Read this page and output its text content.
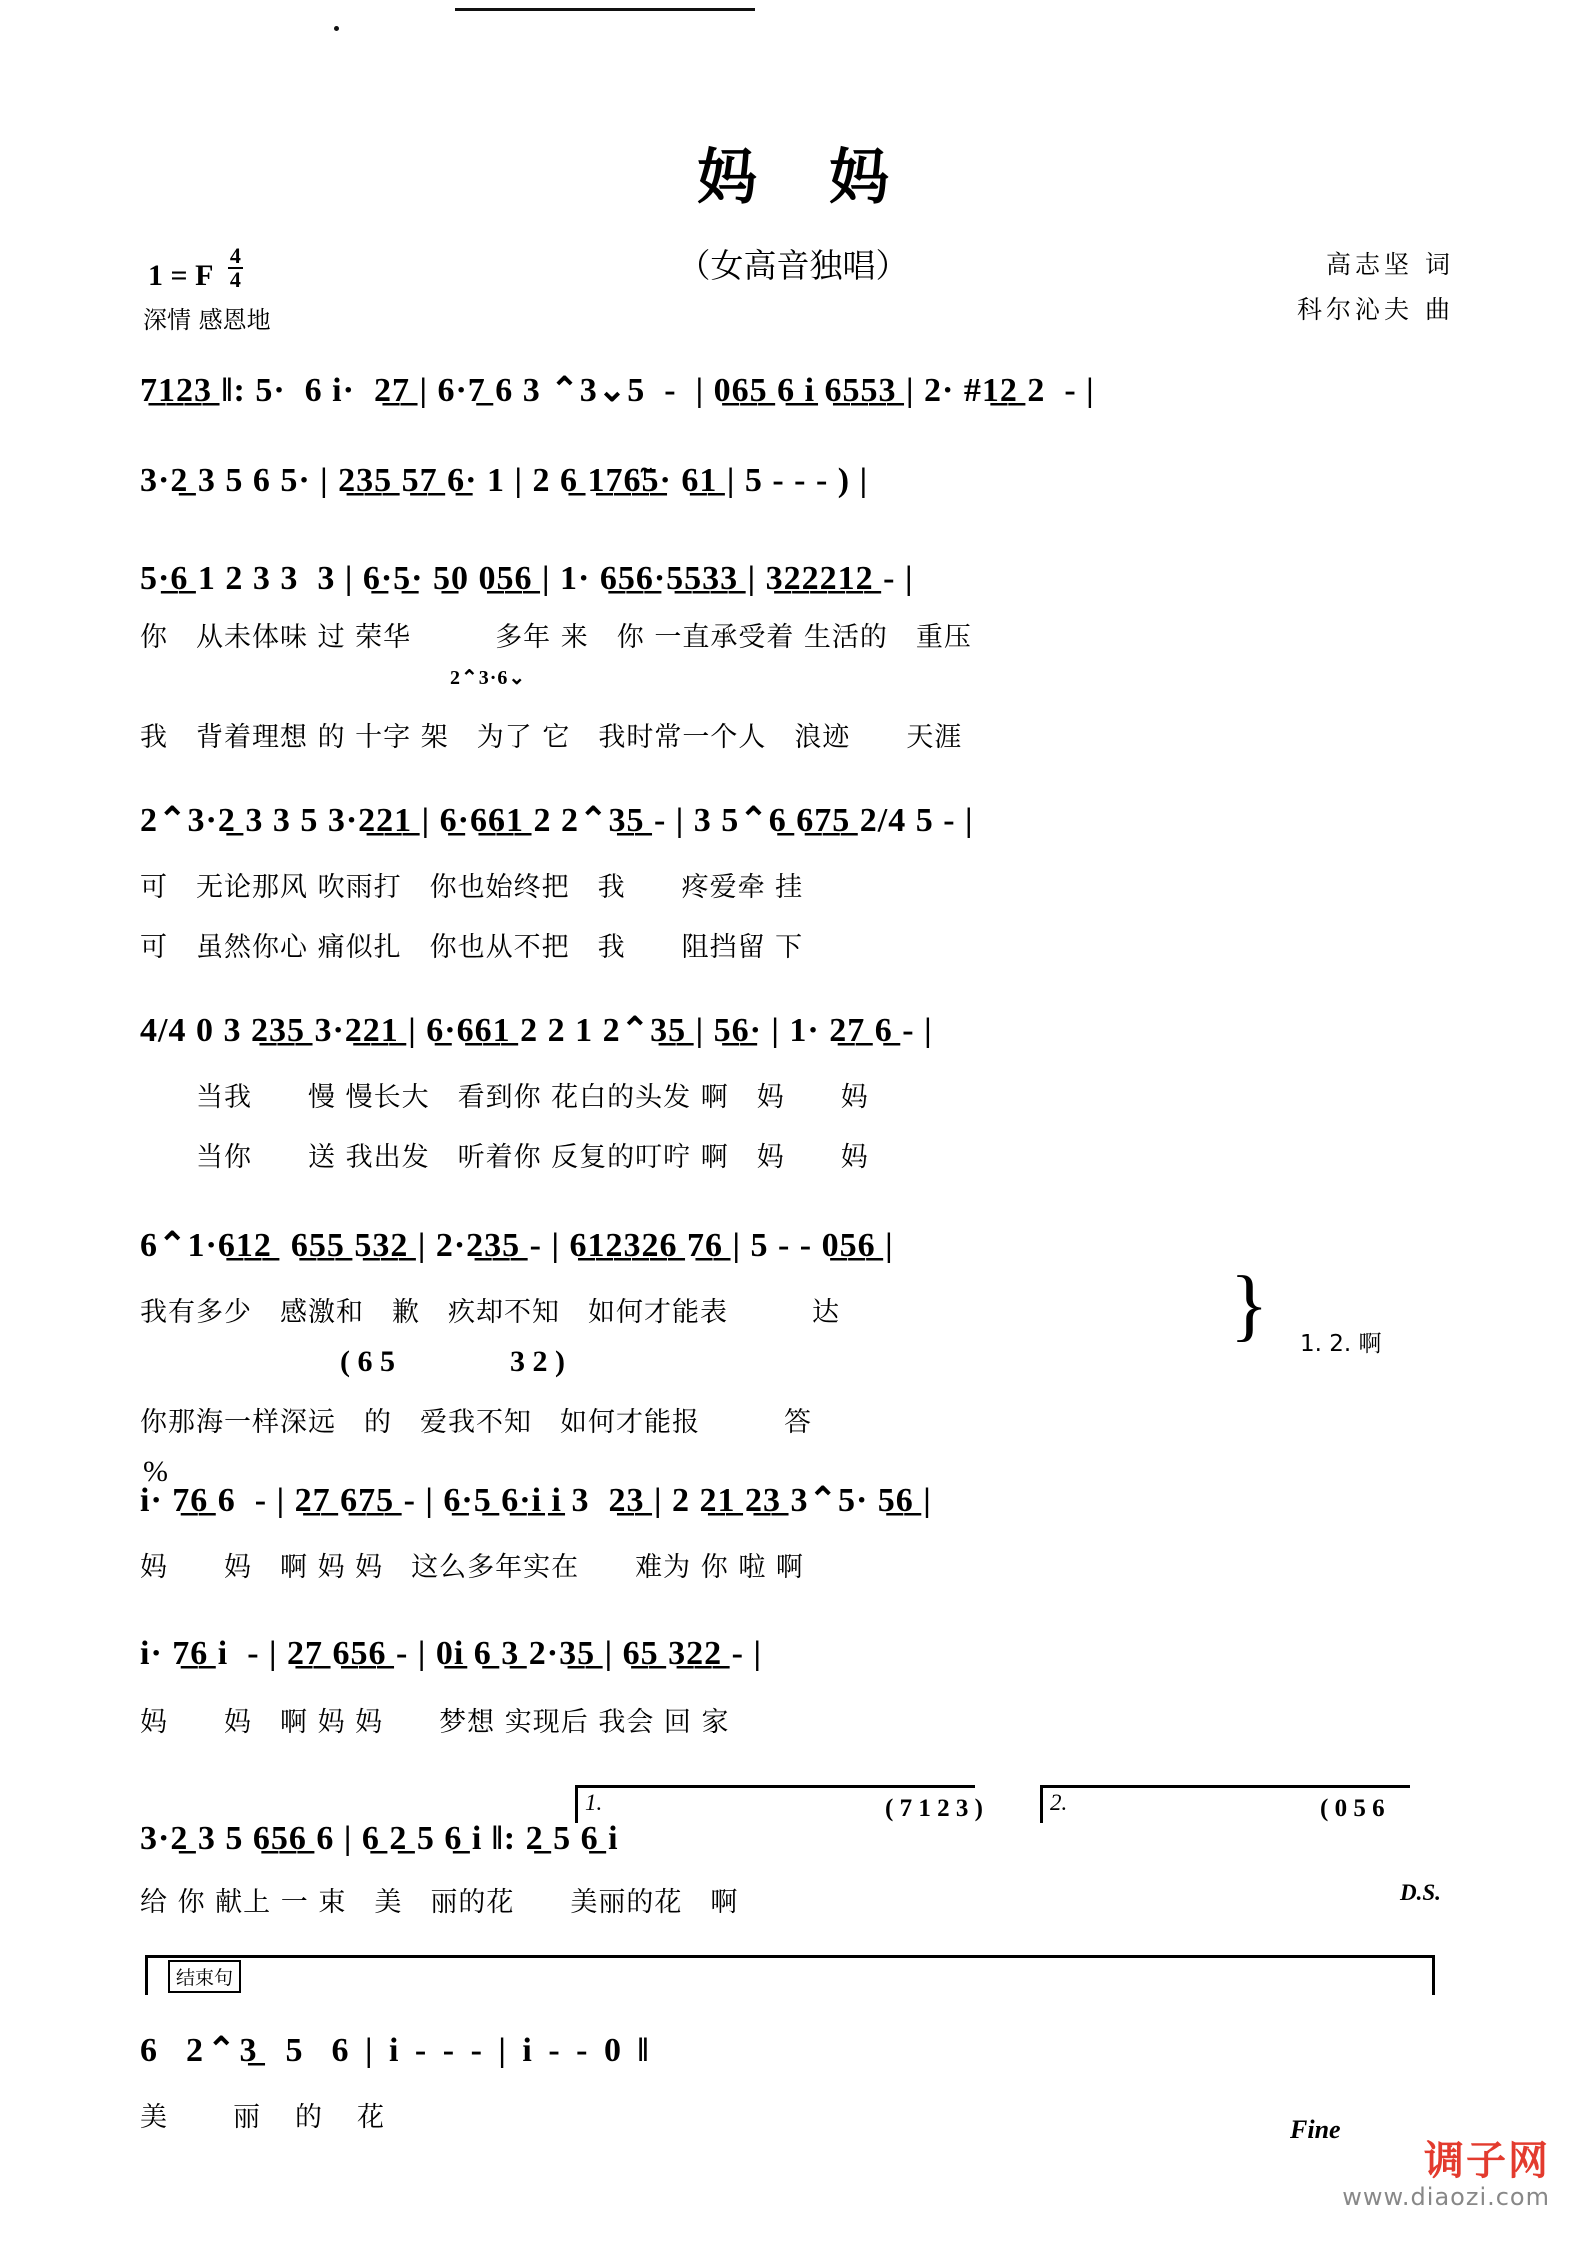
妈妈
（女高音独唱）
1 = F $\frac{4}{4}$
深情 感恩地
高志坚 词
科尔沁夫 曲
7̲1̲2̲3̲ ‖: 5·  6 i·  2̲7̲ | 6·7̲ 6 3 ⌃3⌄5  -  | 0̲6̲5̲ 6̲ i̲ 6̲5̲5̲3̲ | 2· #1̲2̲ 2  - |
3·2̲ 3 5 6 5· | 2̲3̲5̲ 5̲7̲ 6̲· 1 | 2 6̲ 1̲7̲6̲̃5̲· 6̲1̲ | 5 - - - ) |
5·̲6̲ 1 2 3 3  3 | 6̲·5̲· 5̲0 0̲5̲6̲ | 1· 6̲5̲6̲·5̲5̲3̲3̲ | 3̲2̲2̲2̲1̲2̲ - |
你　从未体味 过 荣华　　　多年 来　你 一直承受着 生活的　重压
2⌃3·6⌄
我　背着理想 的 十字 架　为了 它　我时常一个人　浪迹　　天涯
2⌃3·2̲ 3 3 5 3·2̲2̲1̲ | 6̲·6̲6̲1̲ 2 2⌃3̲5̲ - | 3 5⌃6̲ 6̲7̲5̲ 2/4 5 - |
可　无论那风 吹雨打　你也始终把　我　　疼爱牵 挂
可　虽然你心 痛似扎　你也从不把　我　　阻挡留 下
4/4 0 3 2̲3̲5̲ 3·2̲2̲1̲ | 6̲·6̲6̲1̲ 2 2 1 2⌃3̲5̲ | 5̲6̲· | 1· 2̲7̲ 6̲ - |
　　当我　　慢 慢长大　看到你 花白的头发 啊　妈　　妈
　　当你　　送 我出发　听着你 反复的叮咛 啊　妈　　妈
6⌃1·6̲1̲2̲  6̲5̲5̲ 5̲3̲2̲ | 2·2̲3̲5̲ - | 6̲1̲2̲3̲2̲6̲ 7̲6̲ | 5 - - 0̲5̲6̲ |
我有多少　感激和　歉　疚却不知　如何才能表　　　达
( 6 5	3 2 )
1. 2. 啊
}
你那海一样深远　的　爱我不知　如何才能报　　　答
%
i· 7̲6̲ 6  - | 2̲7̲ 6̲7̲5̲ - | 6̲·5̲ 6̲·i̲ i̲ 3  2̲3̲ | 2 2̲1̲ 2̲3̲ 3⌃5· 5̲6̲ |
妈　　妈　啊 妈 妈　这么多年实在　　难为 你 啦 啊
i· 7̲6̲ i  - | 2̲7̲ 6̲5̲6̲ - | 0̲i̲ 6̲ 3̲ 2·3̲5̲ | 6̲5̲ 3̲2̲2̲ - |
妈　　妈　啊 妈 妈　　梦想 实现后 我会 回 家
1.	2.
( 7 1 2 3 )	( 0 5 6
3·2̲ 3 5 6̲5̲6̲ 6 | 6̲ 2̲ 5 6̲ i ‖: 2̲ 5 6̲ i
给 你 献上 一 束　美　丽的花　　美丽的花　啊	D.S.
结束句
6  2⌃3̲  5  6 | i - - - | i - - 0 ‖
美　　丽　的　花	Fine
调子网
www.diaozi.com
